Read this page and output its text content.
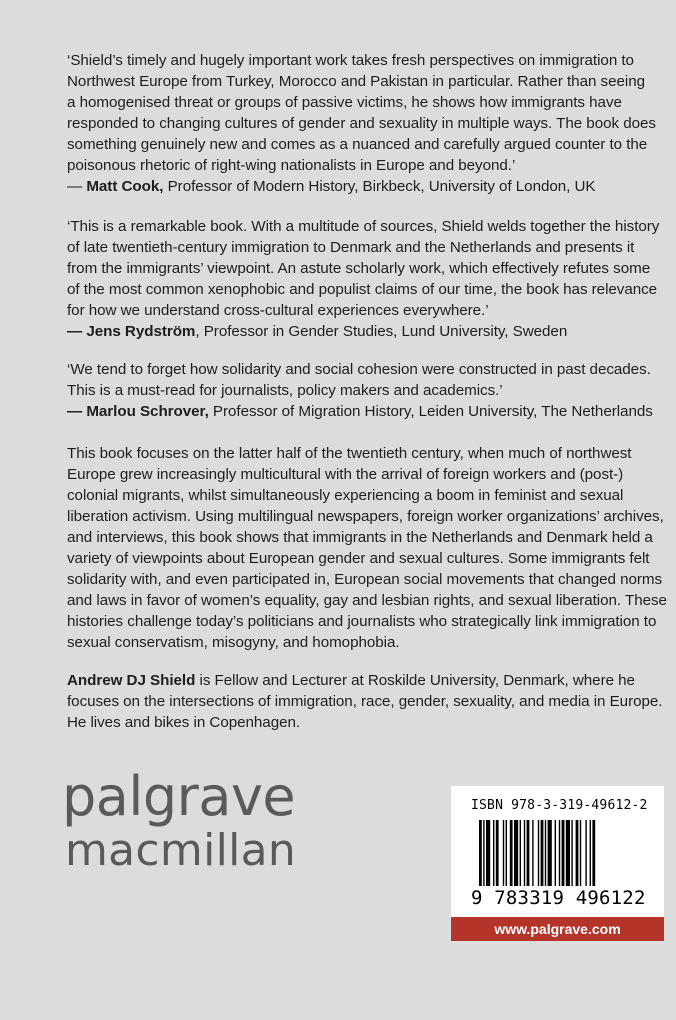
‘Shield’s timely and hugely important work takes fresh perspectives on immigration to

Northwest Europe from Turkey, Morocco and Pakistan in particular. Rather than seeing

a homogenised threat or groups of passive victims, he shows how immigrants have

responded to changing cultures of gender and sexuality in multiple ways. The book does

something genuinely new and comes as a nuanced and carefully argued counter to the

poisonous rhetoric of right-wing nationalists in Europe and beyond.’

— Matt Cook, Professor of Modern History, Birkbeck, University of London, UK

‘This is a remarkable book. With a multitude of sources, Shield welds together the history

of late twentieth-century immigration to Denmark and the Netherlands and presents it

from the immigrants’ viewpoint. An astute scholarly work, which effectively refutes some

of the most common xenophobic and populist claims of our time, the book has relevance

for how we understand cross-cultural experiences everywhere.’

— Jens Rydström, Professor in Gender Studies, Lund University, Sweden

‘We tend to forget how solidarity and social cohesion were constructed in past decades.

This is a must-read for journalists, policy makers and academics.’

— Marlou Schrover, Professor of Migration History, Leiden University, The Netherlands

This book focuses on the latter half of the twentieth century, when much of northwest

Europe grew increasingly multicultural with the arrival of foreign workers and (post-)

colonial migrants, whilst simultaneously experiencing a boom in feminist and sexual

liberation activism. Using multilingual newspapers, foreign worker organizations’ archives,

and interviews, this book shows that immigrants in the Netherlands and Denmark held a

variety of viewpoints about European gender and sexual cultures. Some immigrants felt

solidarity with, and even participated in, European social movements that changed norms

and laws in favor of women’s equality, gay and lesbian rights, and sexual liberation. These

histories challenge today’s politicians and journalists who strategically link immigration to

sexual conservatism, misogyny, and homophobia.

Andrew DJ Shield is Fellow and Lecturer at Roskilde University, Denmark, where he

focuses on the intersections of immigration, race, gender, sexuality, and media in Europe.

He lives and bikes in Copenhagen.

palgrave
macmillan
ISBN 978-3-319-49612-2
9 783319 496122
www.palgrave.com
